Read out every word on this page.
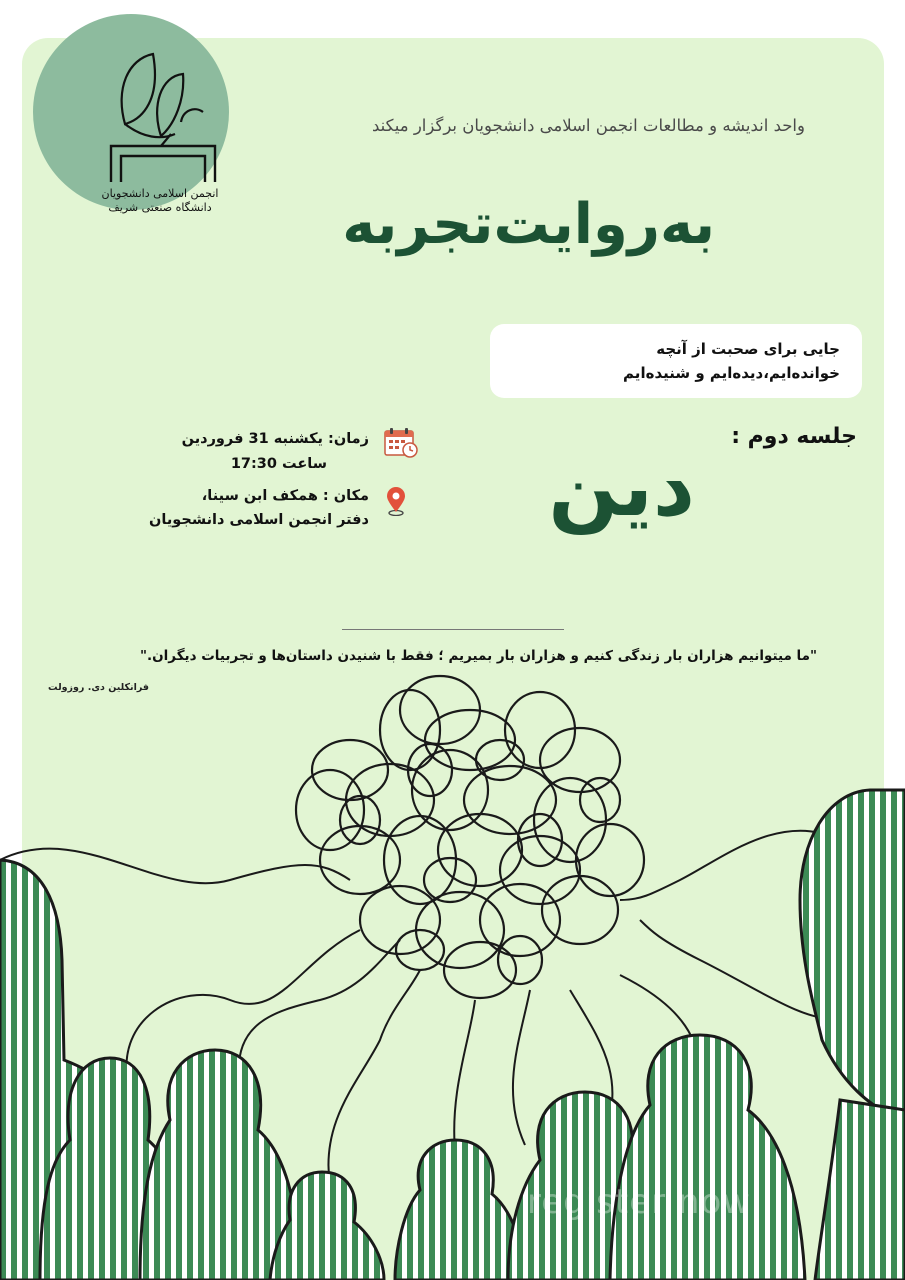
انجمن اسلامی دانشجویان
دانشگاه صنعتی شریف
واحد اندیشه و مطالعات انجمن اسلامی دانشجویان برگزار میکند
به‌روایت‌تجربه
جایی برای صحبت از آنچه
خوانده‌ایم،دیده‌ایم و شنیده‌ایم
جلسه دوم :
دین
زمان: یکشنبه 31 فروردین
ساعت 17:30
مکان : همکف ابن سینا،
دفتر انجمن اسلامی دانشجویان
"ما میتوانیم هزاران بار زندگی کنیم و هزاران بار بمیریم ؛ فقط با شنیدن داستان‌ها و تجربیات دیگران."
فرانکلین دی. روزولت
register now
